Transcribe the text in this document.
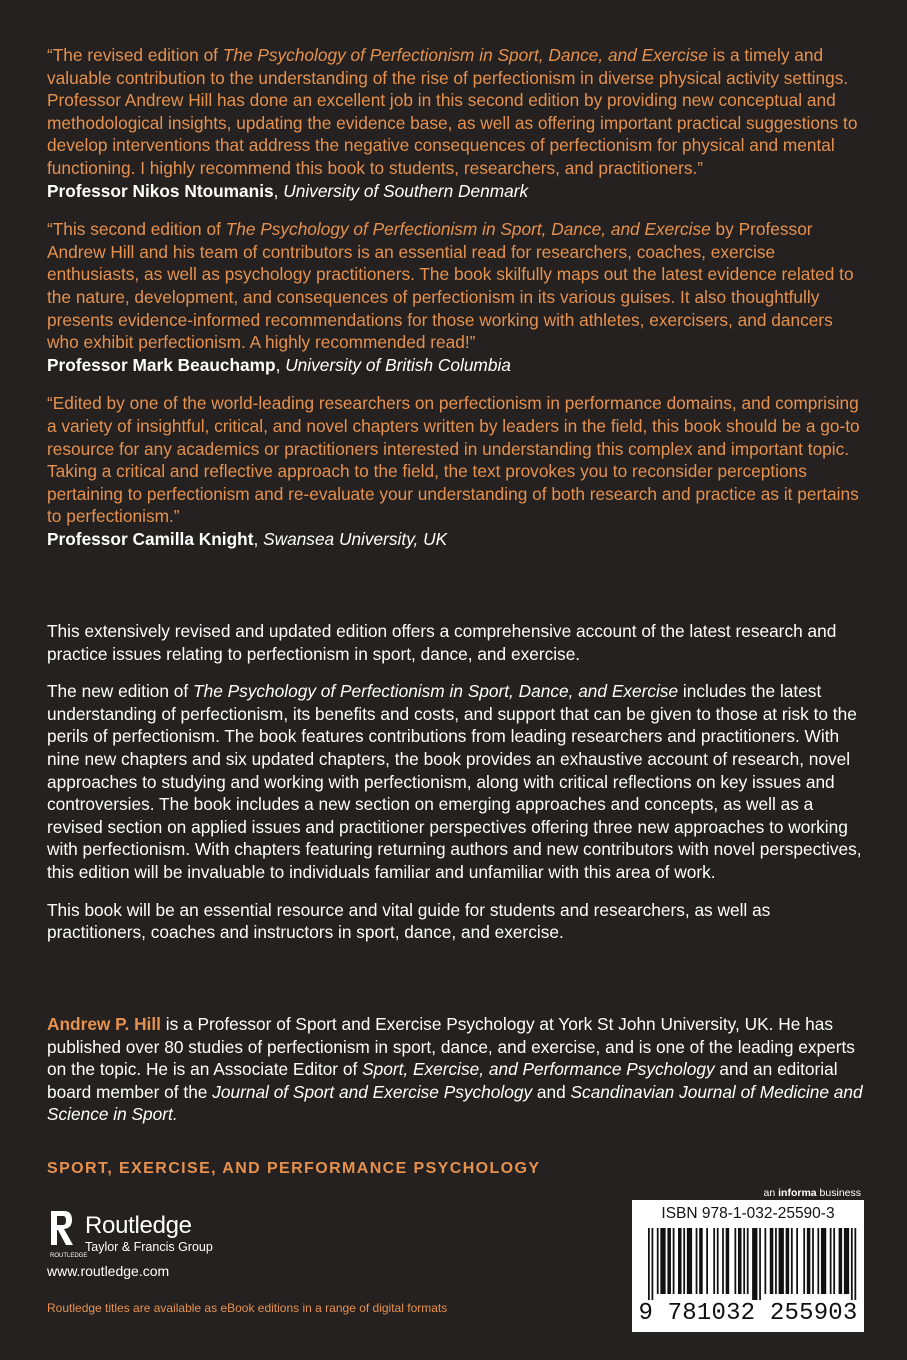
“The revised edition of The Psychology of Perfectionism in Sport, Dance, and Exercise is a timely and valuable contribution to the understanding of the rise of perfectionism in diverse physical activity settings. Professor Andrew Hill has done an excellent job in this second edition by providing new conceptual and methodological insights, updating the evidence base, as well as offering important practical suggestions to develop interventions that address the negative consequences of perfectionism for physical and mental functioning. I highly recommend this book to students, researchers, and practitioners.”

Professor Nikos Ntoumanis, University of Southern Denmark

“This second edition of The Psychology of Perfectionism in Sport, Dance, and Exercise by Professor Andrew Hill and his team of contributors is an essential read for researchers, coaches, exercise enthusiasts, as well as psychology practitioners. The book skilfully maps out the latest evidence related to the nature, development, and consequences of perfectionism in its various guises. It also thoughtfully presents evidence-informed recommendations for those working with athletes, exercisers, and dancers who exhibit perfectionism. A highly recommended read!”

Professor Mark Beauchamp, University of British Columbia

“Edited by one of the world-leading researchers on perfectionism in performance domains, and comprising a variety of insightful, critical, and novel chapters written by leaders in the field, this book should be a go-to resource for any academics or practitioners interested in understanding this complex and important topic. Taking a critical and reflective approach to the field, the text provokes you to reconsider perceptions pertaining to perfectionism and re-evaluate your understanding of both research and practice as it pertains to perfectionism.”

Professor Camilla Knight, Swansea University, UK

This extensively revised and updated edition offers a comprehensive account of the latest research and practice issues relating to perfectionism in sport, dance, and exercise.

The new edition of The Psychology of Perfectionism in Sport, Dance, and Exercise includes the latest understanding of perfectionism, its benefits and costs, and support that can be given to those at risk to the perils of perfectionism. The book features contributions from leading researchers and practitioners. With nine new chapters and six updated chapters, the book provides an exhaustive account of research, novel approaches to studying and working with perfectionism, along with critical reflections on key issues and controversies. The book includes a new section on emerging approaches and concepts, as well as a revised section on applied issues and practitioner perspectives offering three new approaches to working with perfectionism. With chapters featuring returning authors and new contributors with novel perspectives, this edition will be invaluable to individuals familiar and unfamiliar with this area of work.

This book will be an essential resource and vital guide for students and researchers, as well as practitioners, coaches and instructors in sport, dance, and exercise.

Andrew P. Hill is a Professor of Sport and Exercise Psychology at York St John University, UK. He has published over 80 studies of perfectionism in sport, dance, and exercise, and is one of the leading experts on the topic. He is an Associate Editor of Sport, Exercise, and Performance Psychology and an editorial board member of the Journal of Sport and Exercise Psychology and Scandinavian Journal of Medicine and Science in Sport.

SPORT, EXERCISE, AND PERFORMANCE PSYCHOLOGY
ROUTLEDGE
Routledge
Taylor & Francis Group
www.routledge.com
Routledge titles are available as eBook editions in a range of digital formats
an informa business
ISBN 978-1-032-25590-3
9 781032 255903
